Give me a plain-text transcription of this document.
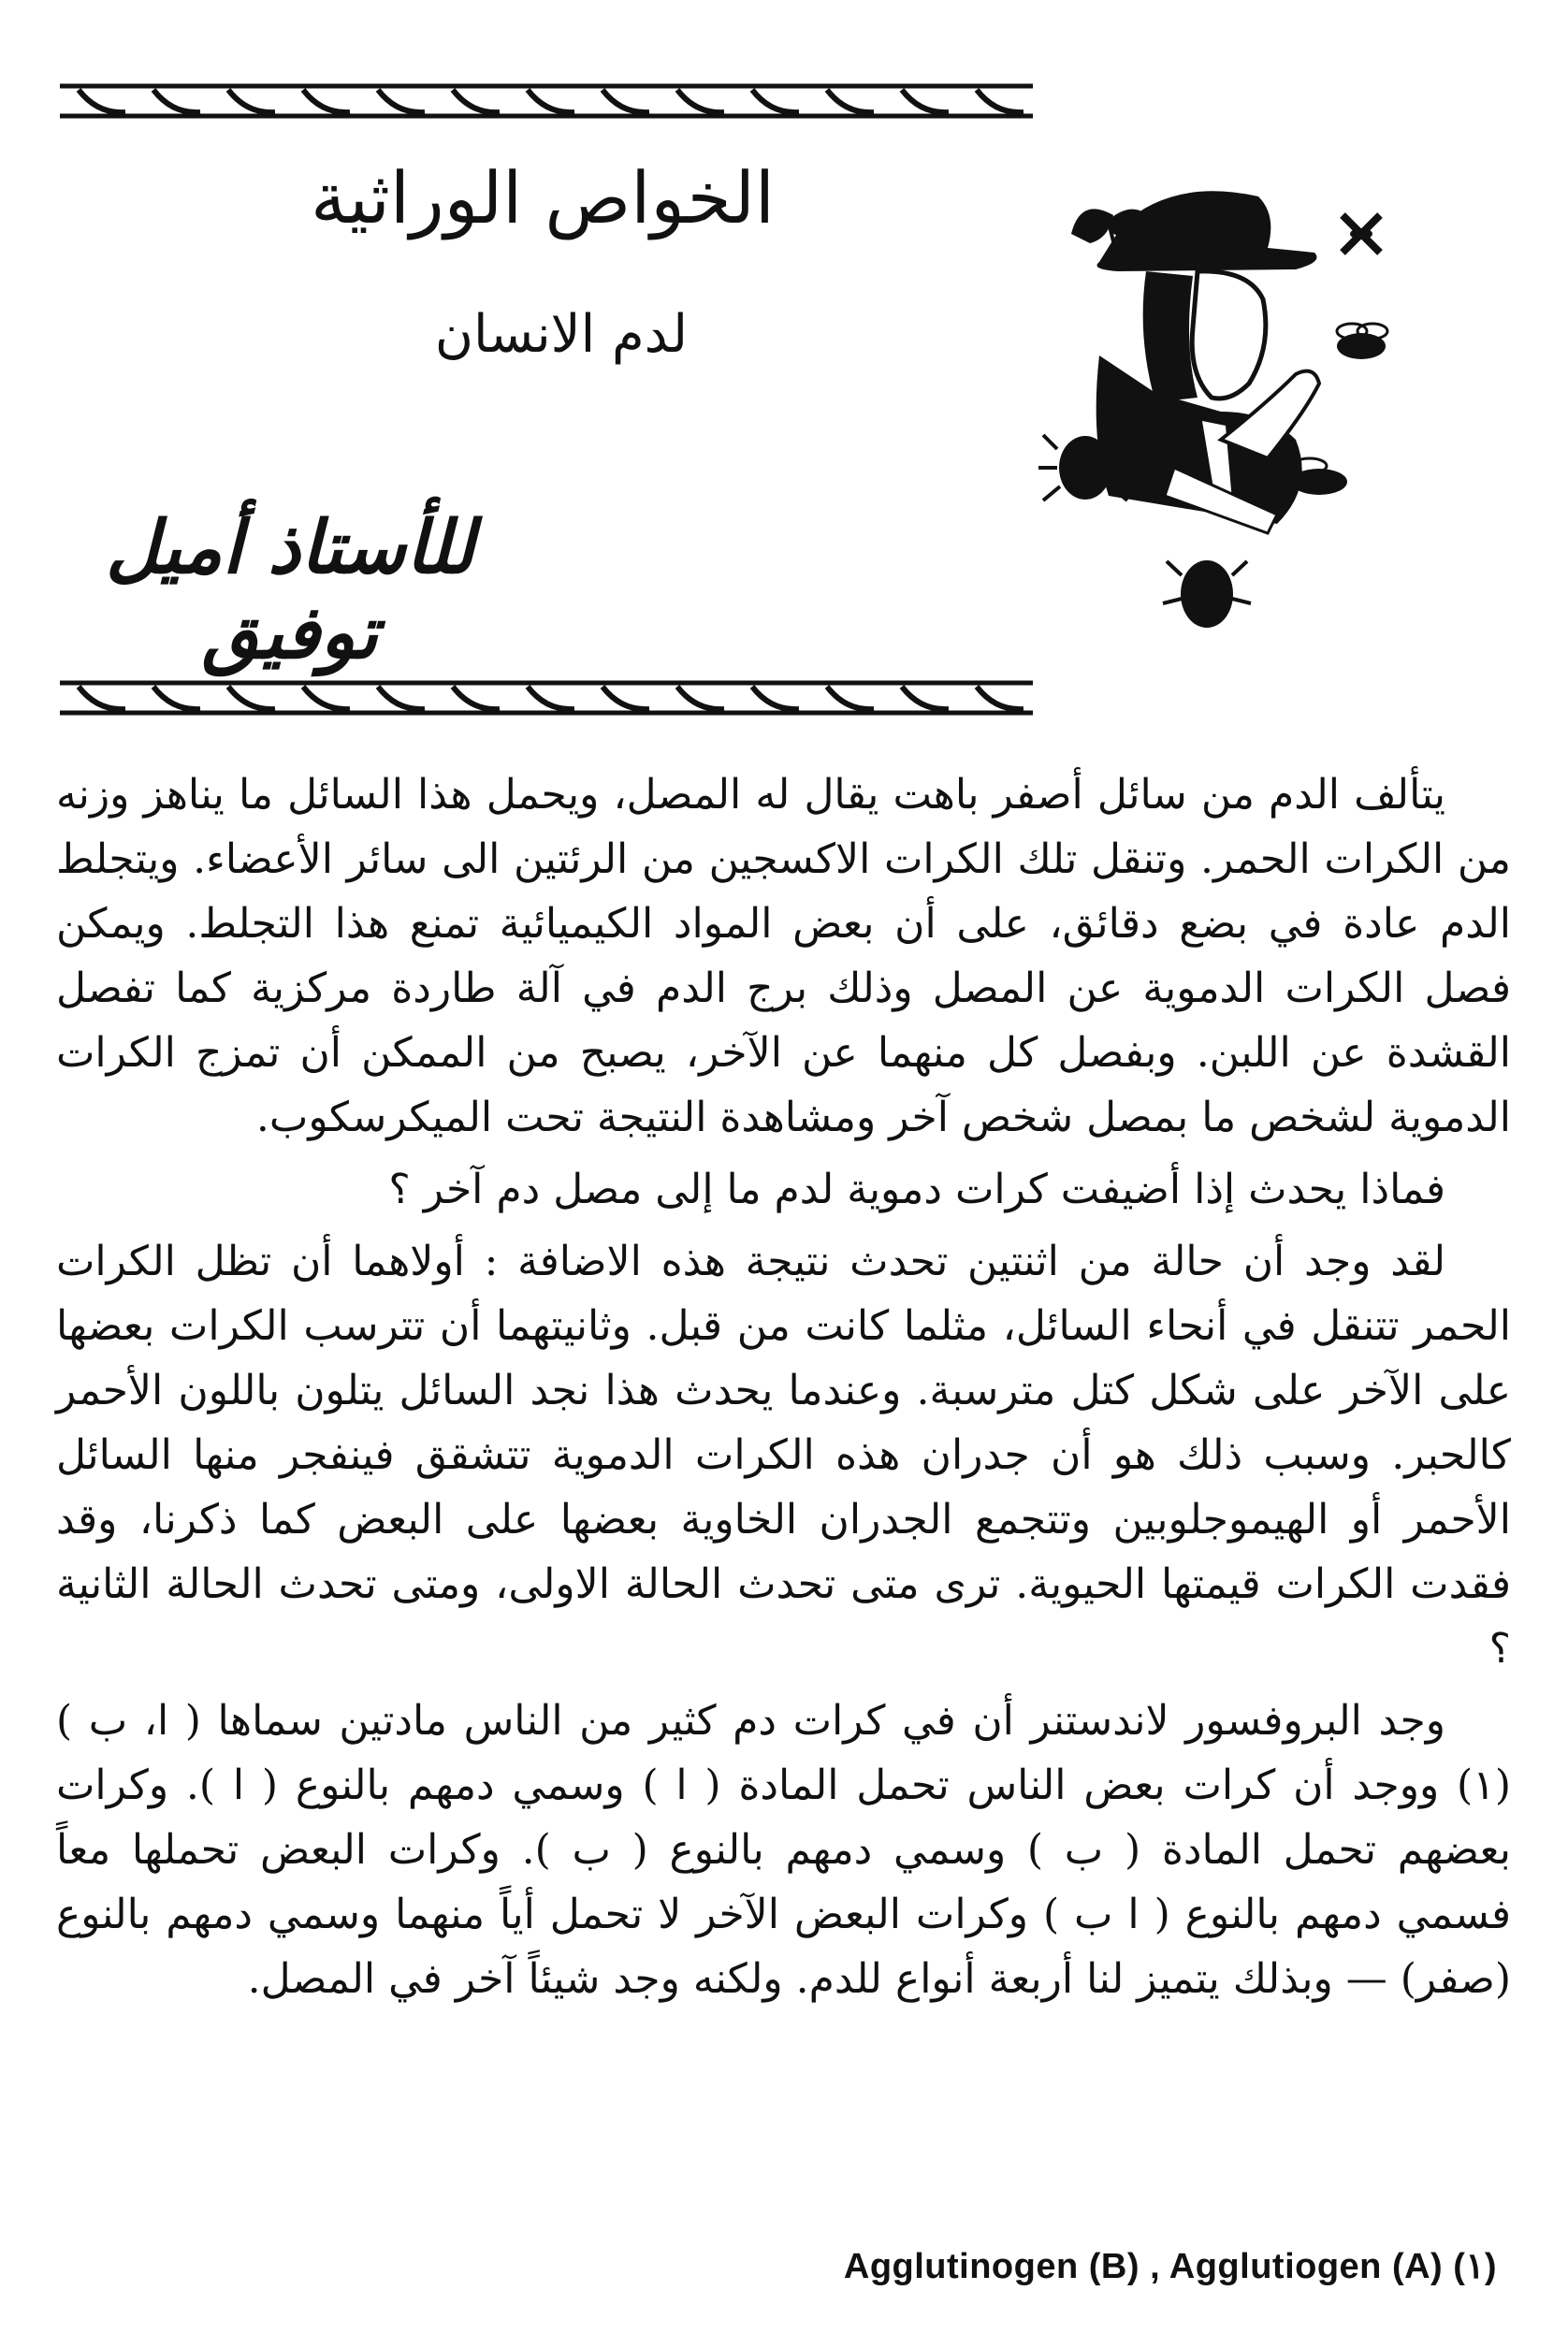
الخواص الوراثية
لدم الانسان
للأستاذ أميل توفيق

يتألف الدم من سائل أصفر باهت يقال له المصل، ويحمل هذا السائل ما يناهز وزنه من الكرات الحمر. وتنقل تلك الكرات الاكسجين من الرئتين الى سائر الأعضاء. ويتجلط الدم عادة في بضع دقائق، على أن بعض المواد الكيميائية تمنع هذا التجلط. ويمكن فصل الكرات الدموية عن المصل وذلك برج الدم في آلة طاردة مركزية كما تفصل القشدة عن اللبن. وبفصل كل منهما عن الآخر، يصبح من الممكن أن تمزج الكرات الدموية لشخص ما بمصل شخص آخر ومشاهدة النتيجة تحت الميكرسكوب.

فماذا يحدث إذا أضيفت كرات دموية لدم ما إلى مصل دم آخر ؟

لقد وجد أن حالة من اثنتين تحدث نتيجة هذه الاضافة : أولاهما أن تظل الكرات الحمر تتنقل في أنحاء السائل، مثلما كانت من قبل. وثانيتهما أن تترسب الكرات بعضها على الآخر على شكل كتل مترسبة. وعندما يحدث هذا نجد السائل يتلون باللون الأحمر كالحبر. وسبب ذلك هو أن جدران هذه الكرات الدموية تتشقق فينفجر منها السائل الأحمر أو الهيموجلوبين وتتجمع الجدران الخاوية بعضها على البعض كما ذكرنا، وقد فقدت الكرات قيمتها الحيوية. ترى متى تحدث الحالة الاولى، ومتى تحدث الحالة الثانية ؟

وجد البروفسور لاندستنر أن في كرات دم كثير من الناس مادتين سماها ( ا، ب )(١) ووجد أن كرات بعض الناس تحمل المادة ( ا ) وسمي دمهم بالنوع ( ا ). وكرات بعضهم تحمل المادة ( ب ) وسمي دمهم بالنوع ( ب ). وكرات البعض تحملها معاً فسمي دمهم بالنوع ( ا ب ) وكرات البعض الآخر لا تحمل أياً منهما وسمي دمهم بالنوع (صفر) — وبذلك يتميز لنا أربعة أنواع للدم. ولكنه وجد شيئاً آخر في المصل.

Agglutinogen (B) , Agglutiogen (A) (١)
